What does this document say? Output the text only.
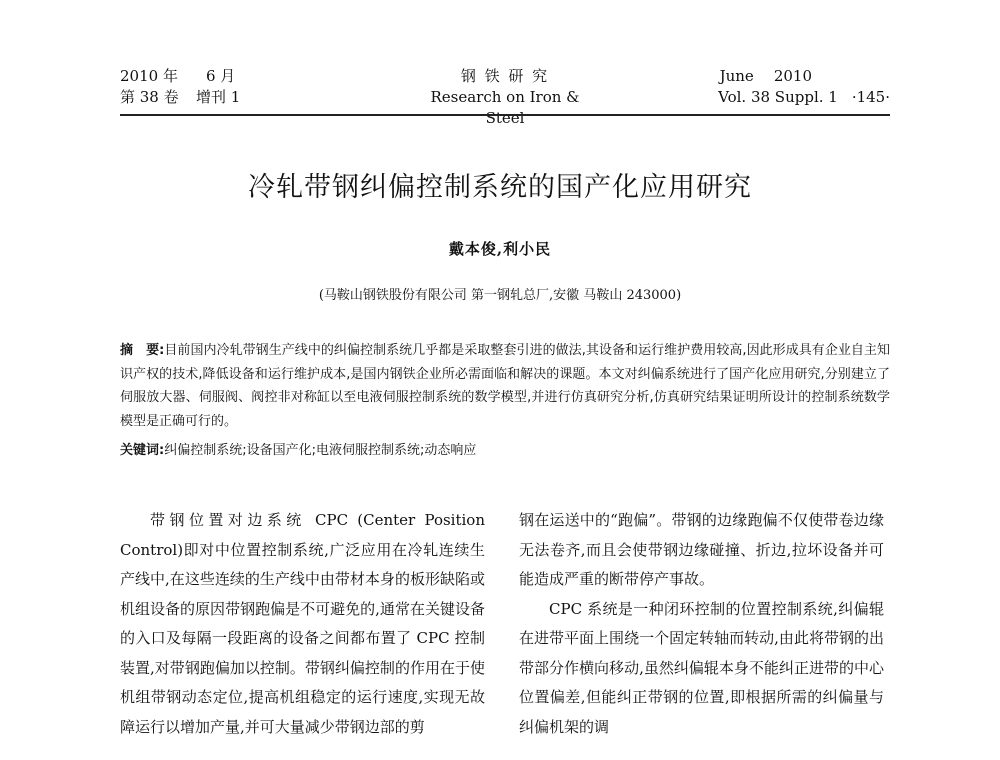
2010 年 6 月
第 38 卷 增刊 1
钢 铁 研 究
Research on Iron & Steel
June 2010
Vol. 38 Suppl. 1 ·145·
冷轧带钢纠偏控制系统的国产化应用研究
戴本俊,利小民
(马鞍山钢铁股份有限公司 第一钢轧总厂,安徽 马鞍山 243000)
摘　要:目前国内冷轧带钢生产线中的纠偏控制系统几乎都是采取整套引进的做法,其设备和运行维护费用较高,因此形成具有企业自主知识产权的技术,降低设备和运行维护成本,是国内钢铁企业所必需面临和解决的课题。本文对纠偏系统进行了国产化应用研究,分别建立了伺服放大器、伺服阀、阀控非对称缸以至电液伺服控制系统的数学模型,并进行仿真研究分析,仿真研究结果证明所设计的控制系统数学模型是正确可行的。
关键词:纠偏控制系统;设备国产化;电液伺服控制系统;动态响应

带钢位置对边系统 CPC (Center Position Control)即对中位置控制系统,广泛应用在冷轧连续生产线中,在这些连续的生产线中由带材本身的板形缺陷或机组设备的原因带钢跑偏是不可避免的,通常在关键设备的入口及每隔一段距离的设备之间都布置了 CPC 控制装置,对带钢跑偏加以控制。带钢纠偏控制的作用在于使机组带钢动态定位,提高机组稳定的运行速度,实现无故障运行以增加产量,并可大量减少带钢边部的剪

钢在运送中的“跑偏”。带钢的边缘跑偏不仅使带卷边缘无法卷齐,而且会使带钢边缘碰撞、折边,拉坏设备并可能造成严重的断带停产事故。

CPC 系统是一种闭环控制的位置控制系统,纠偏辊在进带平面上围绕一个固定转轴而转动,由此将带钢的出带部分作横向移动,虽然纠偏辊本身不能纠正进带的中心位置偏差,但能纠正带钢的位置,即根据所需的纠偏量与纠偏机架的调
